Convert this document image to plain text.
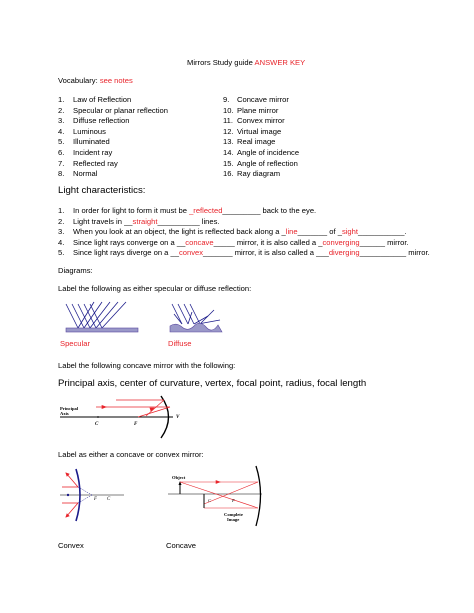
Mirrors Study guide ANSWER KEY
Vocabulary: see notes
1. Law of Reflection
2. Specular or planar reflection
3. Diffuse reflection
4. Luminous
5. Illuminated
6. Incident ray
7. Reflected ray
8. Normal
9. Concave mirror
10. Plane mirror
11. Convex mirror
12. Virtual image
13. Real image
14. Angle of incidence
15. Angle of reflection
16. Ray diagram
Light characteristics:
1. In order for light to form it must be _reflected_________ back to the eye.
2. Light travels in __straight__________ lines.
3. When you look at an object, the light is reflected back along a _line_______ of _sight___________.
4. Since light rays converge on a __concave_____ mirror, it is also called a _converging______ mirror.
5. Since light rays diverge on a __convex_______ mirror, it is also called a ___diverging___________ mirror.
Diagrams:
Label the following as either specular or diffuse reflection:
Specular	Diffuse
Label the following concave mirror with the following:
Principal axis, center of curvature, vertex, focal point, radius, focal length
Principal
Axis
C	F
V
Label as either a concave or convex mirror:
F C
Convex
Object
C	F
Complete
Image
Concave
